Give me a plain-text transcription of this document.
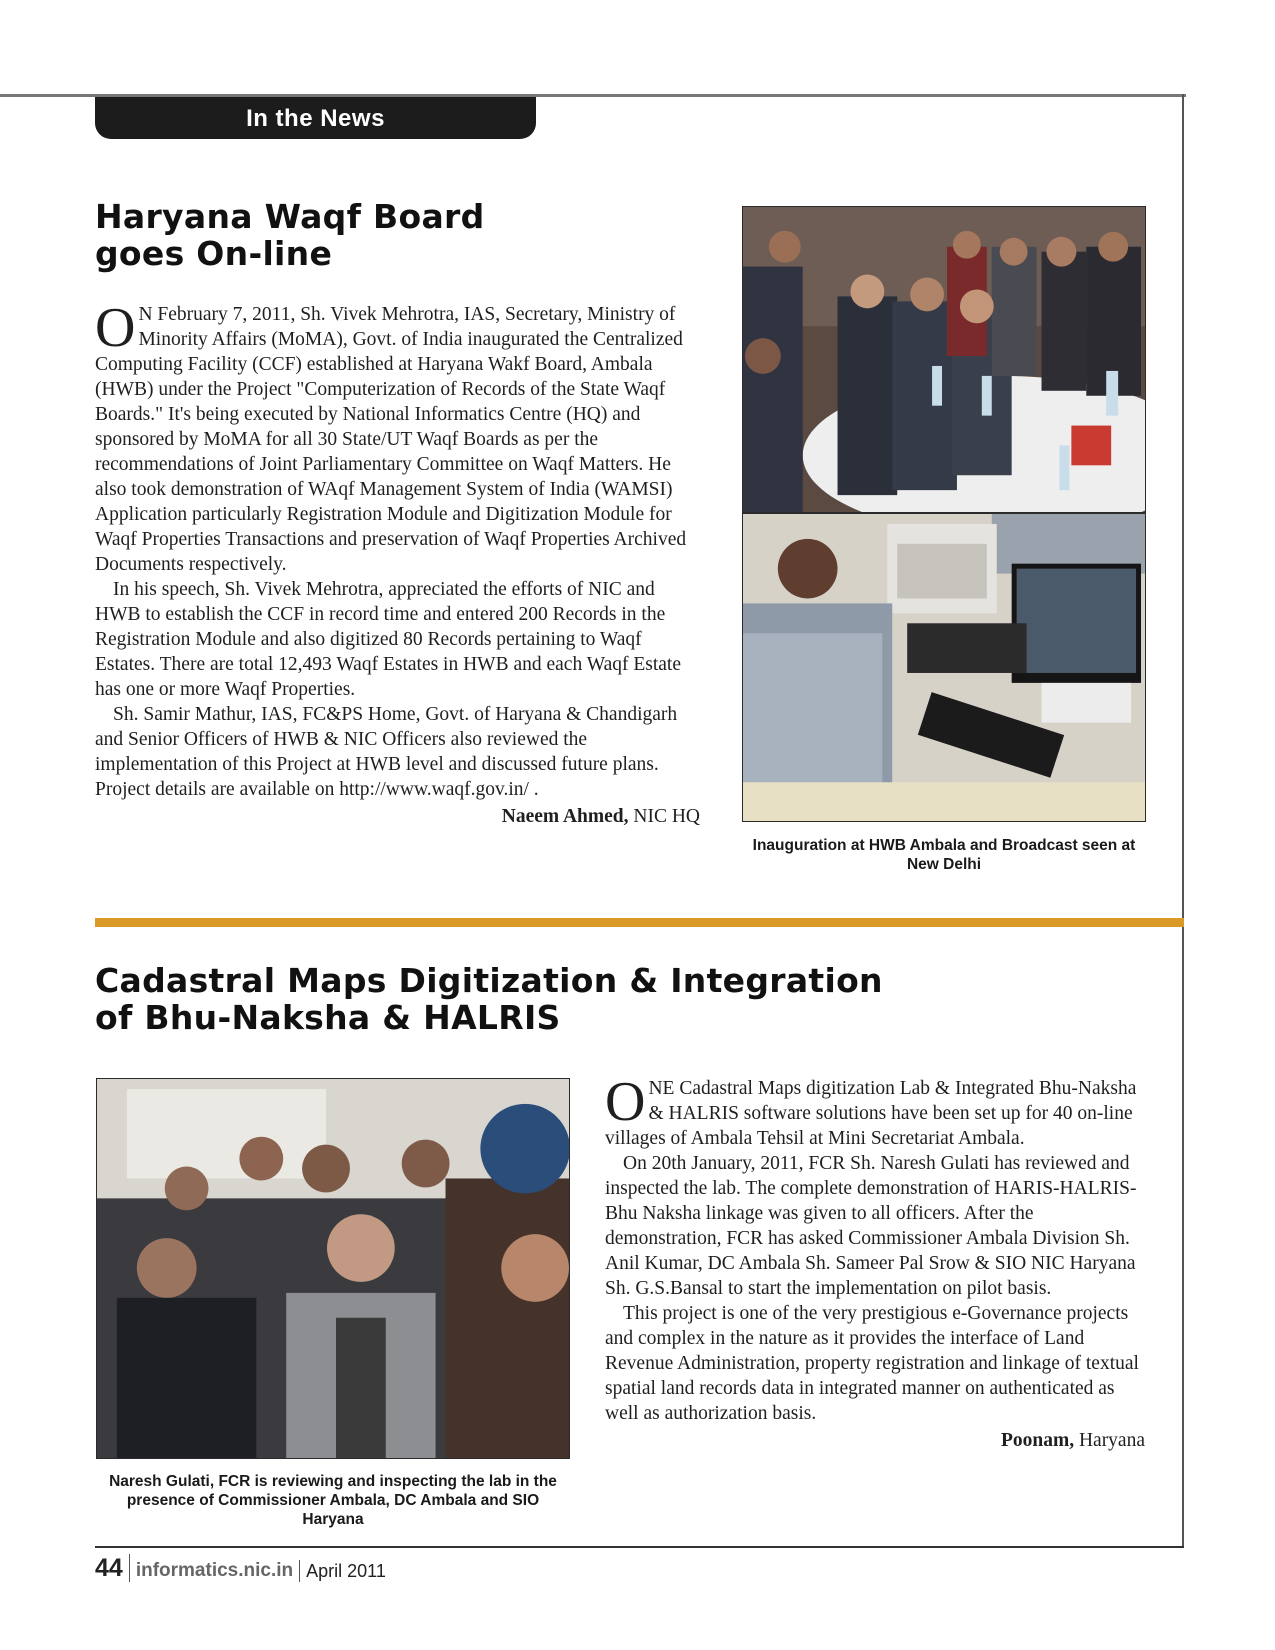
In the News
Haryana Waqf Board
goes On-line

O N February 7, 2011, Sh. Vivek Mehrotra, IAS, Secretary, Ministry of Minority Affairs (MoMA), Govt. of India inaugurated the Centralized Computing Facility (CCF) established at Haryana Wakf Board, Ambala (HWB) under the Project "Computerization of Records of the State Waqf Boards." It's being executed by National Informatics Centre (HQ) and sponsored by MoMA for all 30 State/UT Waqf Boards as per the recommendations of Joint Parliamentary Committee on Waqf Matters. He also took demonstration of WAqf Management System of India (WAMSI) Application particularly Registration Module and Digitization Module for Waqf Properties Transactions and preservation of Waqf Properties Archived Documents respectively.

In his speech, Sh. Vivek Mehrotra, appreciated the efforts of NIC and HWB to establish the CCF in record time and entered 200 Records in the Registration Module and also digitized 80 Records pertaining to Waqf Estates. There are total 12,493 Waqf Estates in HWB and each Waqf Estate has one or more Waqf Properties.

Sh. Samir Mathur, IAS, FC&PS Home, Govt. of Haryana & Chandigarh and Senior Officers of HWB & NIC Officers also reviewed the implementation of this Project at HWB level and discussed future plans. Project details are available on http://www.waqf.gov.in/ .

Naeem Ahmed, NIC HQ
Inauguration at HWB Ambala and Broadcast seen at New Delhi
Cadastral Maps Digitization & Integration
of Bhu-Naksha & HALRIS
Naresh Gulati, FCR is reviewing and inspecting the lab in the presence of Commissioner Ambala, DC Ambala and SIO Haryana

ONE Cadastral Maps digitization Lab & Integrated Bhu-Naksha & HALRIS software solutions have been set up for 40 on-line villages of Ambala Tehsil at Mini Secretariat Ambala.

On 20th January, 2011, FCR Sh. Naresh Gulati has reviewed and inspected the lab. The complete demonstration of HARIS-HALRIS-Bhu Naksha linkage was given to all officers. After the demonstration, FCR has asked Commissioner Ambala Division Sh. Anil Kumar, DC Ambala Sh. Sameer Pal Srow & SIO NIC Haryana Sh. G.S.Bansal to start the implementation on pilot basis.

This project is one of the very prestigious e-Governance projects and complex in the nature as it provides the interface of Land Revenue Administration, property registration and linkage of textual spatial land records data in integrated manner on authenticated as well as authorization basis.

Poonam, Haryana
44 informatics.nic.in April 2011
